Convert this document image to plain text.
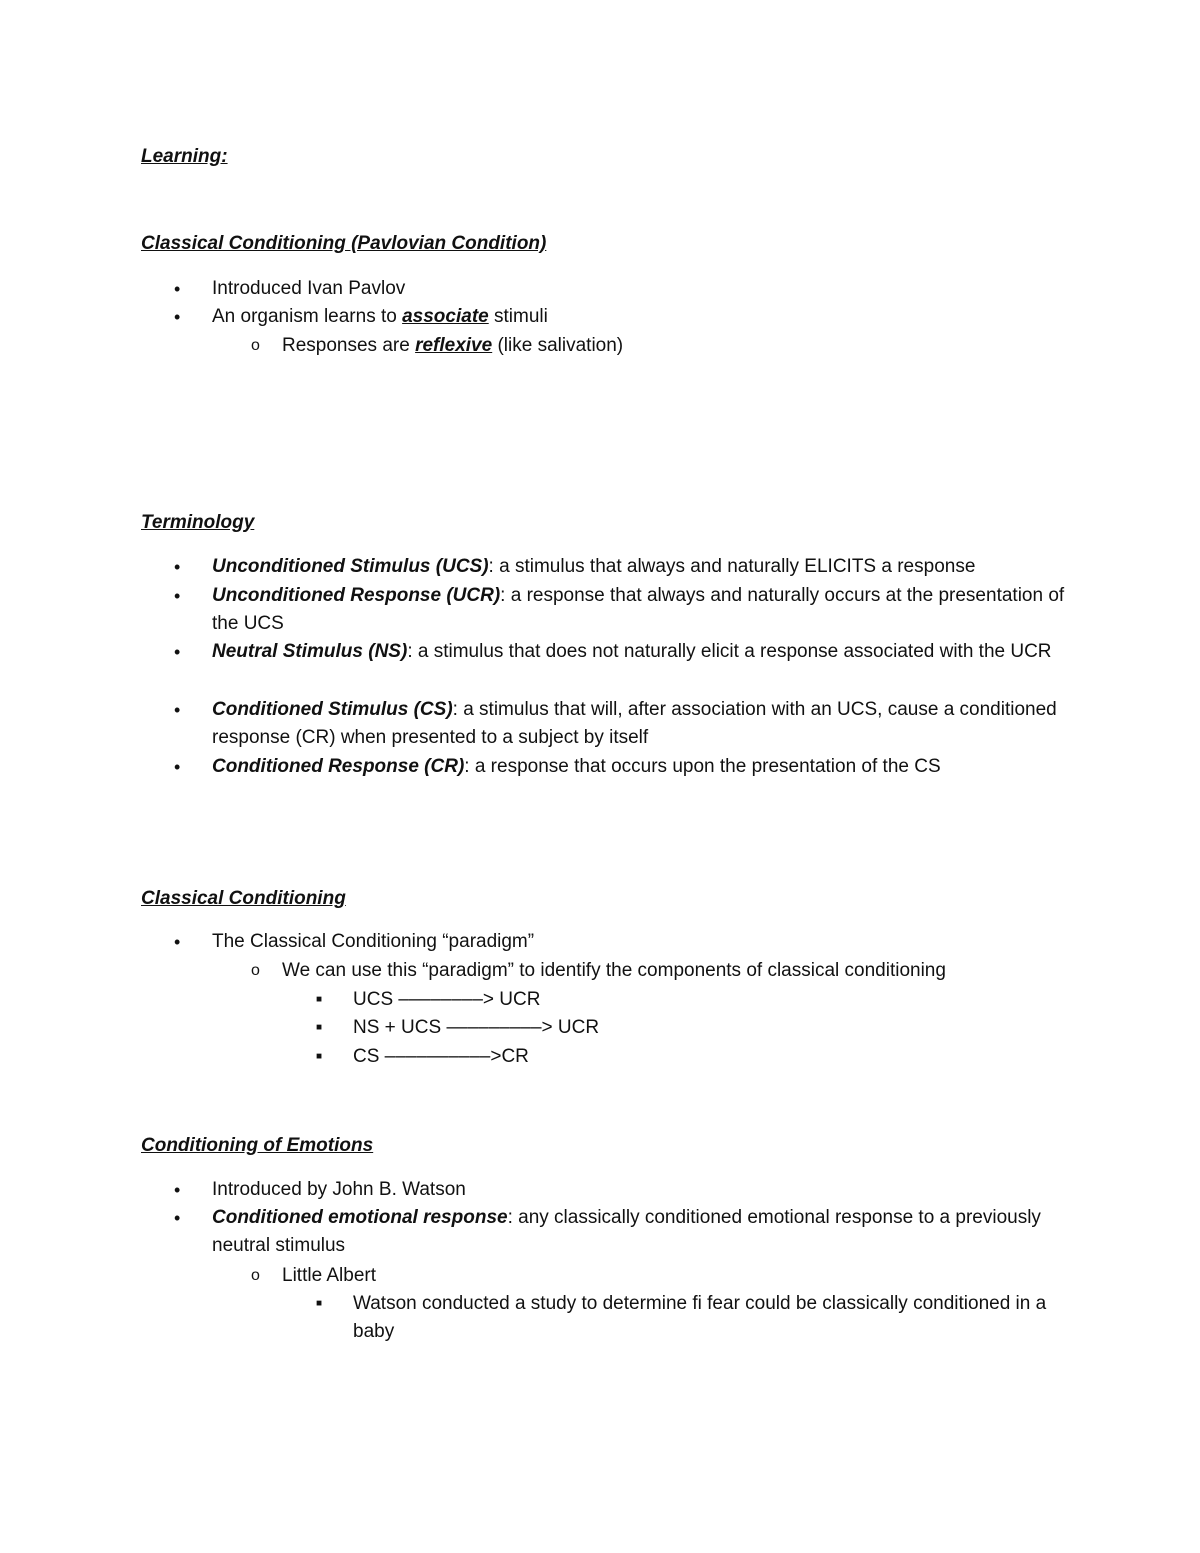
Learning:
Classical Conditioning (Pavlovian Condition)
• Introduced Ivan Pavlov
• An organism learns to associate stimuli
o Responses are reflexive (like salivation)
Terminology
• Unconditioned Stimulus (UCS): a stimulus that always and naturally ELICITS a response
• Unconditioned Response (UCR): a response that always and naturally occurs at the presentation of the UCS
• Neutral Stimulus (NS): a stimulus that does not naturally elicit a response associated with the UCR
• Conditioned Stimulus (CS): a stimulus that will, after association with an UCS, cause a conditioned response (CR) when presented to a subject by itself
• Conditioned Response (CR): a response that occurs upon the presentation of the CS
Classical Conditioning
• The Classical Conditioning “paradigm”
o We can use this “paradigm” to identify the components of classical conditioning
■ UCS ––––––––> UCR
■ NS + UCS –––––––––> UCR
■ CS ––––––––––>CR
Conditioning of Emotions
• Introduced by John B. Watson
• Conditioned emotional response: any classically conditioned emotional response to a previously neutral stimulus
o Little Albert
■ Watson conducted a study to determine fi fear could be classically conditioned in a baby
